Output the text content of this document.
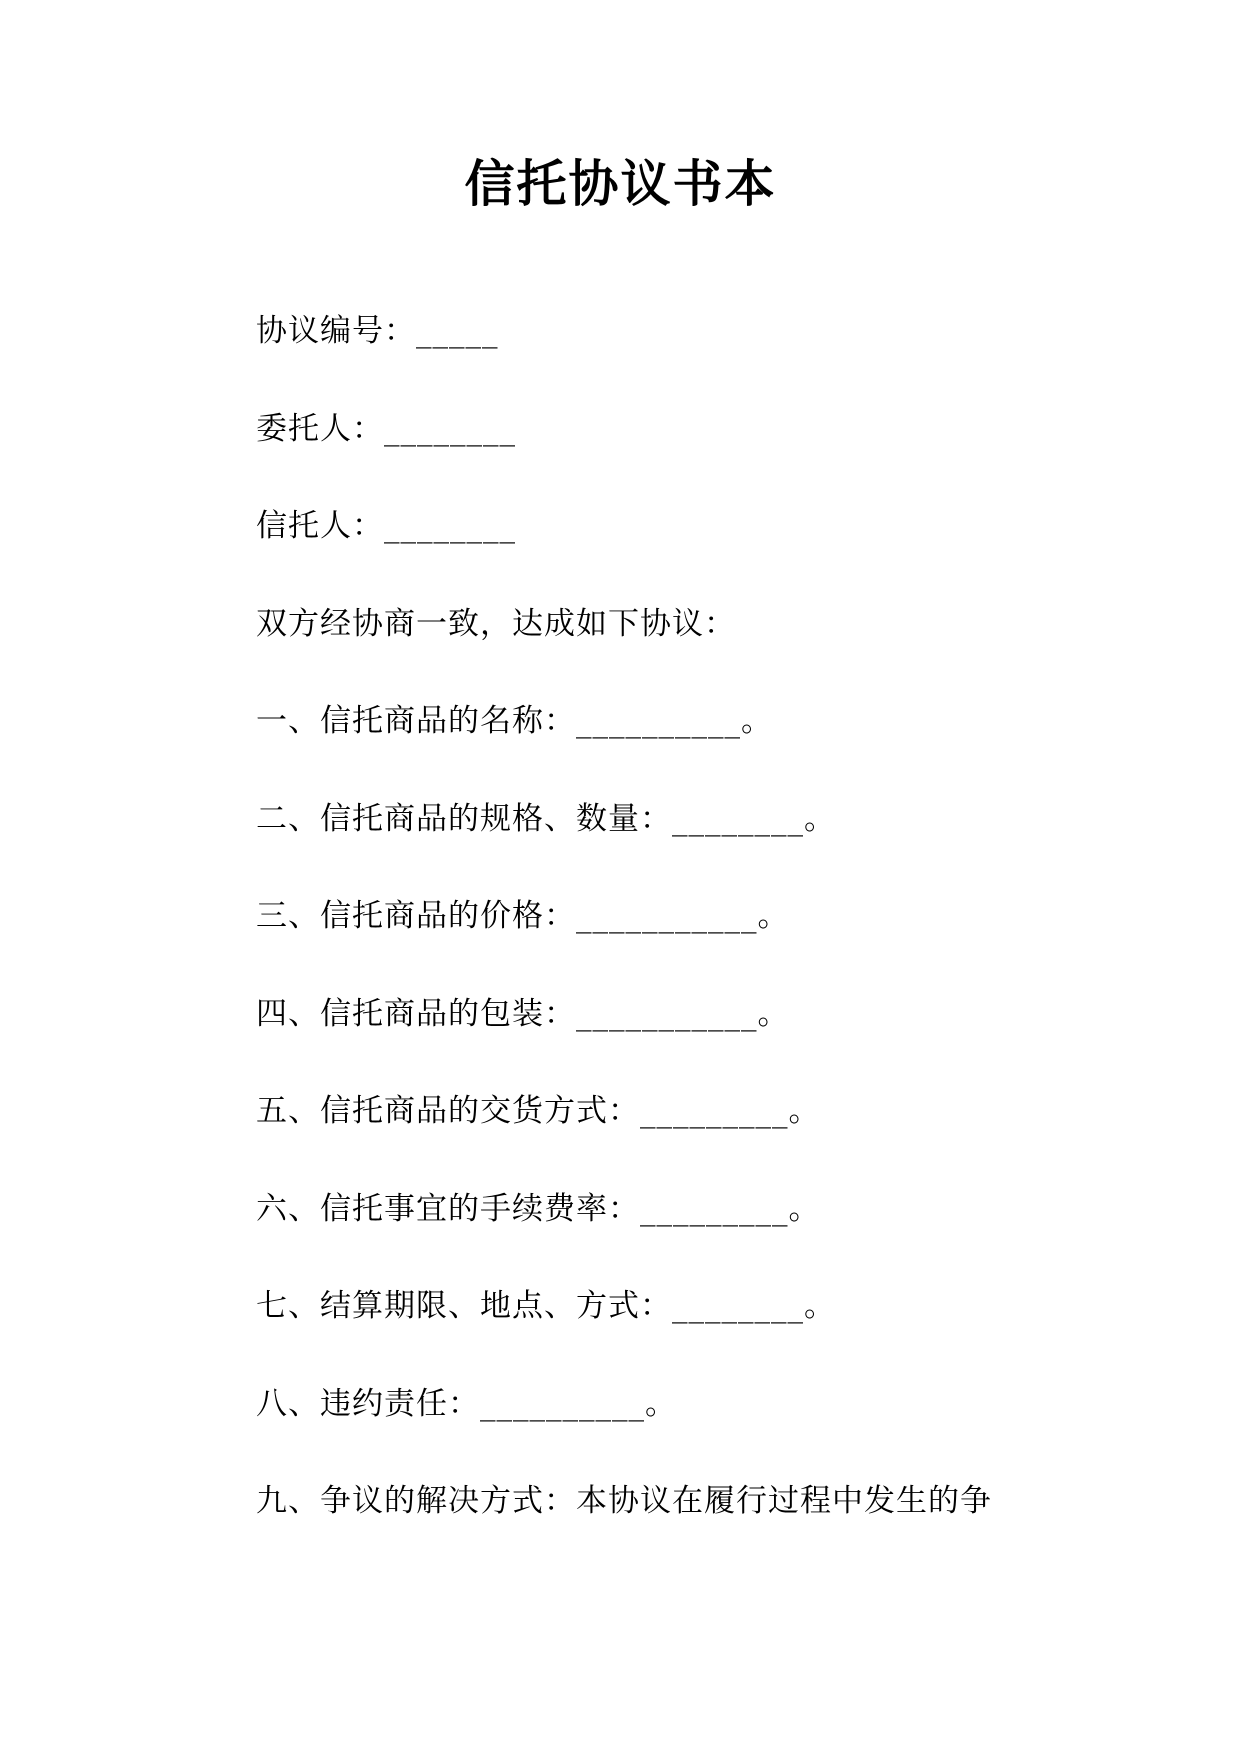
信托协议书本
协议编号：_____
委托人：________
信托人：________
双方经协商一致，达成如下协议：
一、信托商品的名称：__________。
二、信托商品的规格、数量：________。
三、信托商品的价格：___________。
四、信托商品的包装：___________。
五、信托商品的交货方式：_________。
六、信托事宜的手续费率：_________。
七、结算期限、地点、方式：________。
八、违约责任：__________。
九、争议的解决方式：本协议在履行过程中发生的争
